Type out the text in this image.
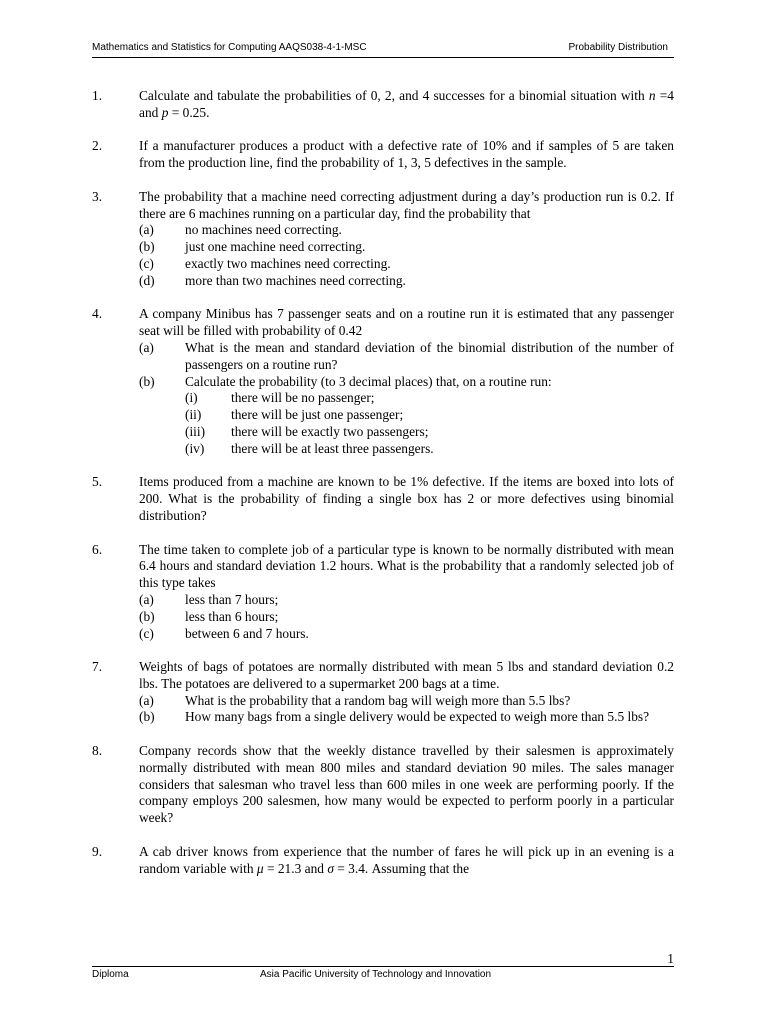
Mathematics and Statistics for Computing AAQS038-4-1-MSC	Probability Distribution
1.	Calculate and tabulate the probabilities of 0, 2, and 4 successes for a binomial situation with n =4 and p = 0.25.
2.	If a manufacturer produces a product with a defective rate of 10% and if samples of 5 are taken from the production line, find the probability of 1, 3, 5 defectives in the sample.
3.	The probability that a machine need correcting adjustment during a day’s production run is 0.2. If there are 6 machines running on a particular day, find the probability that
(a)	no machines need correcting.
(b)	just one machine need correcting.
(c)	exactly two machines need correcting.
(d)	more than two machines need correcting.
4.	A company Minibus has 7 passenger seats and on a routine run it is estimated that any passenger seat will be filled with probability of 0.42
(a)	What is the mean and standard deviation of the binomial distribution of the number of passengers on a routine run?
(b)	Calculate the probability (to 3 decimal places) that, on a routine run:
(i)	there will be no passenger;
(ii)	there will be just one passenger;
(iii)	there will be exactly two passengers;
(iv)	there will be at least three passengers.
5.	Items produced from a machine are known to be 1% defective. If the items are boxed into lots of 200. What is the probability of finding a single box has 2 or more defectives using binomial distribution?
6.	The time taken to complete job of a particular type is known to be normally distributed with mean 6.4 hours and standard deviation 1.2 hours. What is the probability that a randomly selected job of this type takes
(a)	less than 7 hours;
(b)	less than 6 hours;
(c)	between 6 and 7 hours.
7.	Weights of bags of potatoes are normally distributed with mean 5 lbs and standard deviation 0.2 lbs. The potatoes are delivered to a supermarket 200 bags at a time.
(a)	What is the probability that a random bag will weigh more than 5.5 lbs?
(b)	How many bags from a single delivery would be expected to weigh more than 5.5 lbs?
8.	Company records show that the weekly distance travelled by their salesmen is approximately normally distributed with mean 800 miles and standard deviation 90 miles. The sales manager considers that salesman who travel less than 600 miles in one week are performing poorly. If the company employs 200 salesmen, how many would be expected to perform poorly in a particular week?
9.	A cab driver knows from experience that the number of fares he will pick up in an evening is a random variable with μ = 21.3 and σ = 3.4. Assuming that the
1
Diploma	Asia Pacific University of Technology and Innovation
